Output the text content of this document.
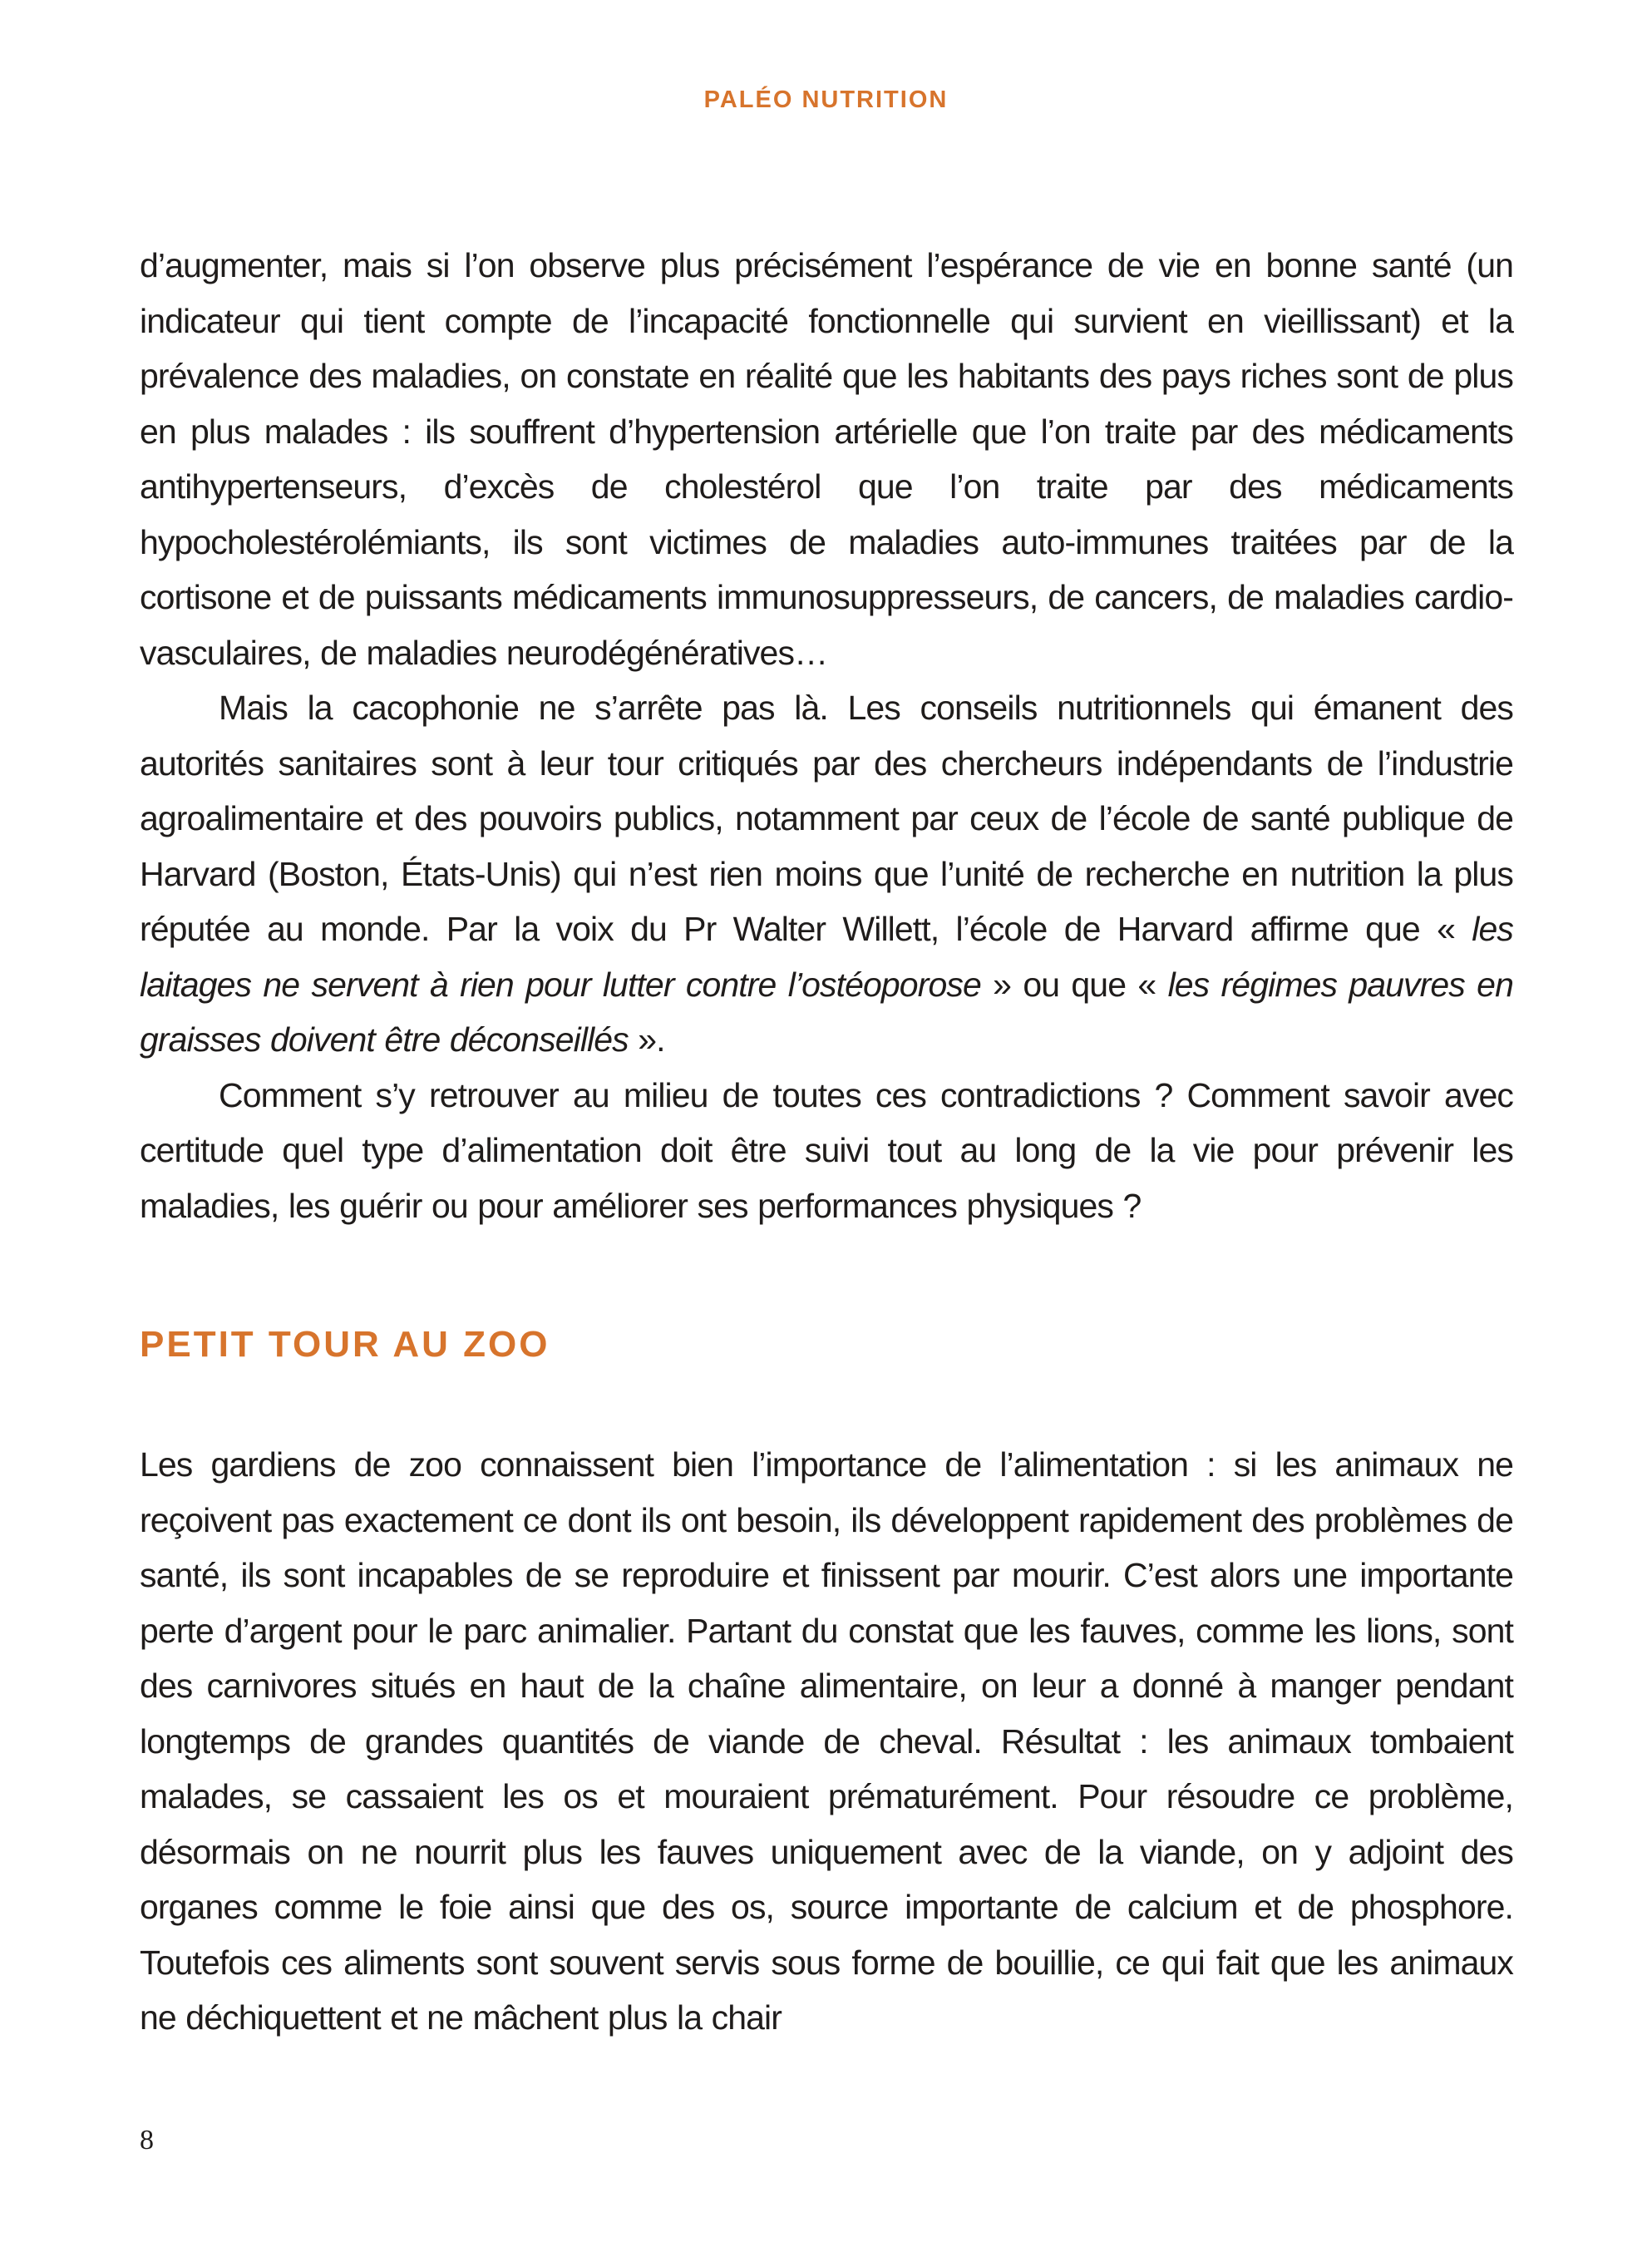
PALÉO NUTRITION

d’augmenter, mais si l’on observe plus précisément l’espérance de vie en bonne santé (un indicateur qui tient compte de l’incapacité fonctionnelle qui survient en vieillissant) et la prévalence des maladies, on constate en réalité que les habitants des pays riches sont de plus en plus malades : ils souffrent d’hypertension artérielle que l’on traite par des médicaments antihypertenseurs, d’excès de cholestérol que l’on traite par des médicaments hypocholestérolémiants, ils sont victimes de maladies auto-immunes traitées par de la cortisone et de puissants médicaments immunosuppresseurs, de cancers, de maladies cardio-vasculaires, de maladies neurodégénératives…

Mais la cacophonie ne s’arrête pas là. Les conseils nutritionnels qui émanent des autorités sanitaires sont à leur tour critiqués par des chercheurs indépendants de l’industrie agroalimentaire et des pouvoirs publics, notamment par ceux de l’école de santé publique de Harvard (Boston, États-Unis) qui n’est rien moins que l’unité de recherche en nutrition la plus réputée au monde. Par la voix du Pr Walter Willett, l’école de Harvard affirme que « les laitages ne servent à rien pour lutter contre l’ostéoporose » ou que « les régimes pauvres en graisses doivent être déconseillés ».

Comment s’y retrouver au milieu de toutes ces contradictions ? Comment savoir avec certitude quel type d’alimentation doit être suivi tout au long de la vie pour prévenir les maladies, les guérir ou pour améliorer ses performances physiques ?

PETIT TOUR AU ZOO

Les gardiens de zoo connaissent bien l’importance de l’alimentation : si les animaux ne reçoivent pas exactement ce dont ils ont besoin, ils développent rapidement des problèmes de santé, ils sont incapables de se reproduire et finissent par mourir. C’est alors une importante perte d’argent pour le parc animalier. Partant du constat que les fauves, comme les lions, sont des carnivores situés en haut de la chaîne alimentaire, on leur a donné à manger pendant longtemps de grandes quantités de viande de cheval. Résultat : les animaux tombaient malades, se cassaient les os et mouraient prématurément. Pour résoudre ce problème, désormais on ne nourrit plus les fauves uniquement avec de la viande, on y adjoint des organes comme le foie ainsi que des os, source importante de calcium et de phosphore. Toutefois ces aliments sont souvent servis sous forme de bouillie, ce qui fait que les animaux ne déchiquettent et ne mâchent plus la chair

8
